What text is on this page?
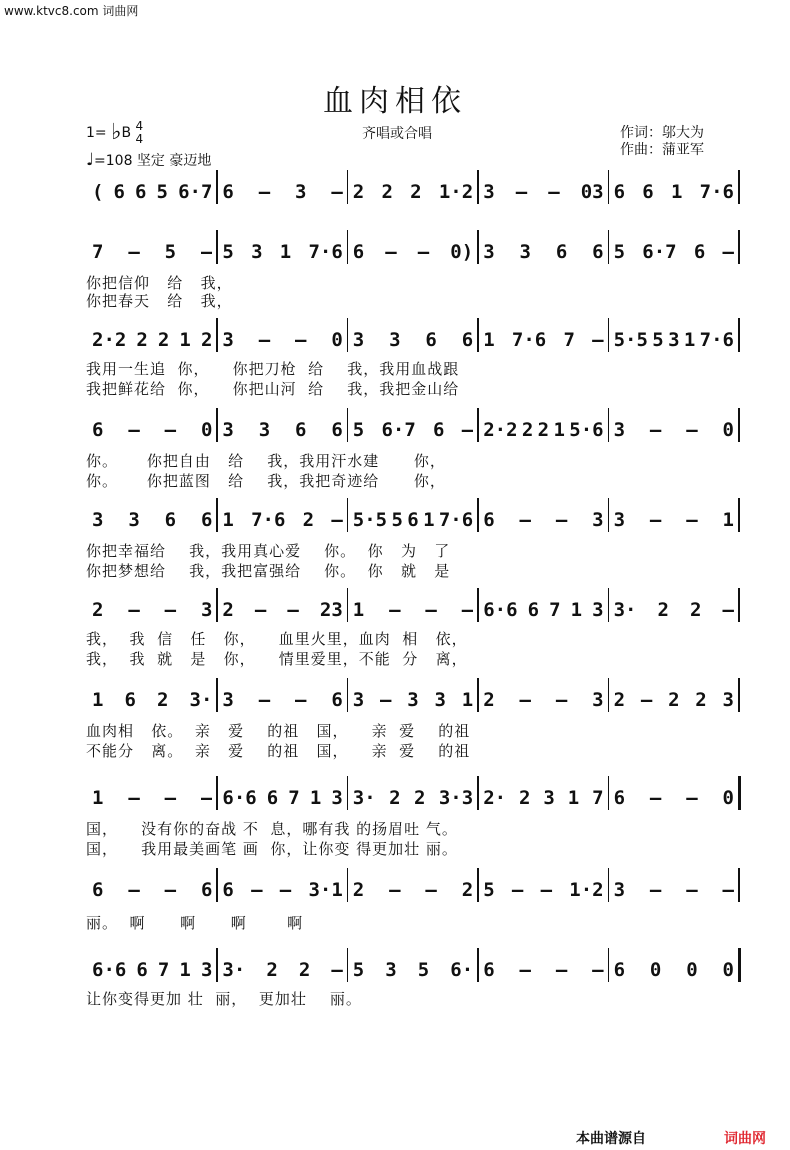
www.ktvc8.com 词曲网
血肉相依
1= ♭B 4
4
♩=108 坚定 豪迈地
齐唱或合唱	作词：邬大为
作曲：蒲亚军
( 6 6 5 6·7 6 — 3 — 2 2 2 1·2 3 — — 03 6 6 1 7·6
7 — 5 — 5 3 1 7·6 6 — — 0) 3 3 6 6 5 6·7 6 —
你把信仰   给   我，
你把春天   给   我，
2·2 2 2 1 2 3 — — 0 3 3 6 6 1 7·6 7 — 5·5 5 3 1 7·6
我用一生追  你，    你把刀枪  给    我，我用血战跟
我把鲜花给  你，    你把山河  给    我，我把金山给
6 — — 0 3 3 6 6 5 6·7 6 — 2·2 2 2 1 5·6 3 — — 0
你。     你把自由   给    我，我用汗水建      你，
你。     你把蓝图   给    我，我把奇迹给      你，
3 3 6 6 1 7·6 2 — 5·5 5 6 1 7·6 6 — — 3 3 — — 1
你把幸福给    我，我用真心爱    你。  你   为   了
你把梦想给    我，我把富强给    你。  你   就   是
2 — — 3 2 — — 23 1 — — — 6·6 6 7 1 3 3· 2 2 —
我，  我  信   任   你，    血里火里，血肉  相   依，
我，  我  就   是   你，    情里爱里，不能  分   离，
1 6 2 3· 3 — — 6 3 — 3 3 1 2 — — 3 2 — 2 2 3
血肉相   依。  亲   爱    的祖   国，    亲  爱    的祖
不能分   离。  亲   爱    的祖   国，    亲  爱    的祖
1 — — — 6·6 6 7 1 3 3· 2 2 3·3 2· 2 3 1 7 6 — — 0
国，    没有你的奋战 不  息，哪有我 的扬眉吐 气。
国，    我用最美画笔 画  你，让你变 得更加壮 丽。
6 — — 6 6 — — 3·1 2 — — 2 5 — — 1·2 3 — — —
丽。  啊      啊      啊       啊
6·6 6 7 1 3 3· 2 2 — 5 3 5 6· 6 — — — 6 0 0 0
让你变得更加 壮  丽，  更加壮    丽。
本曲谱源自	词曲网
